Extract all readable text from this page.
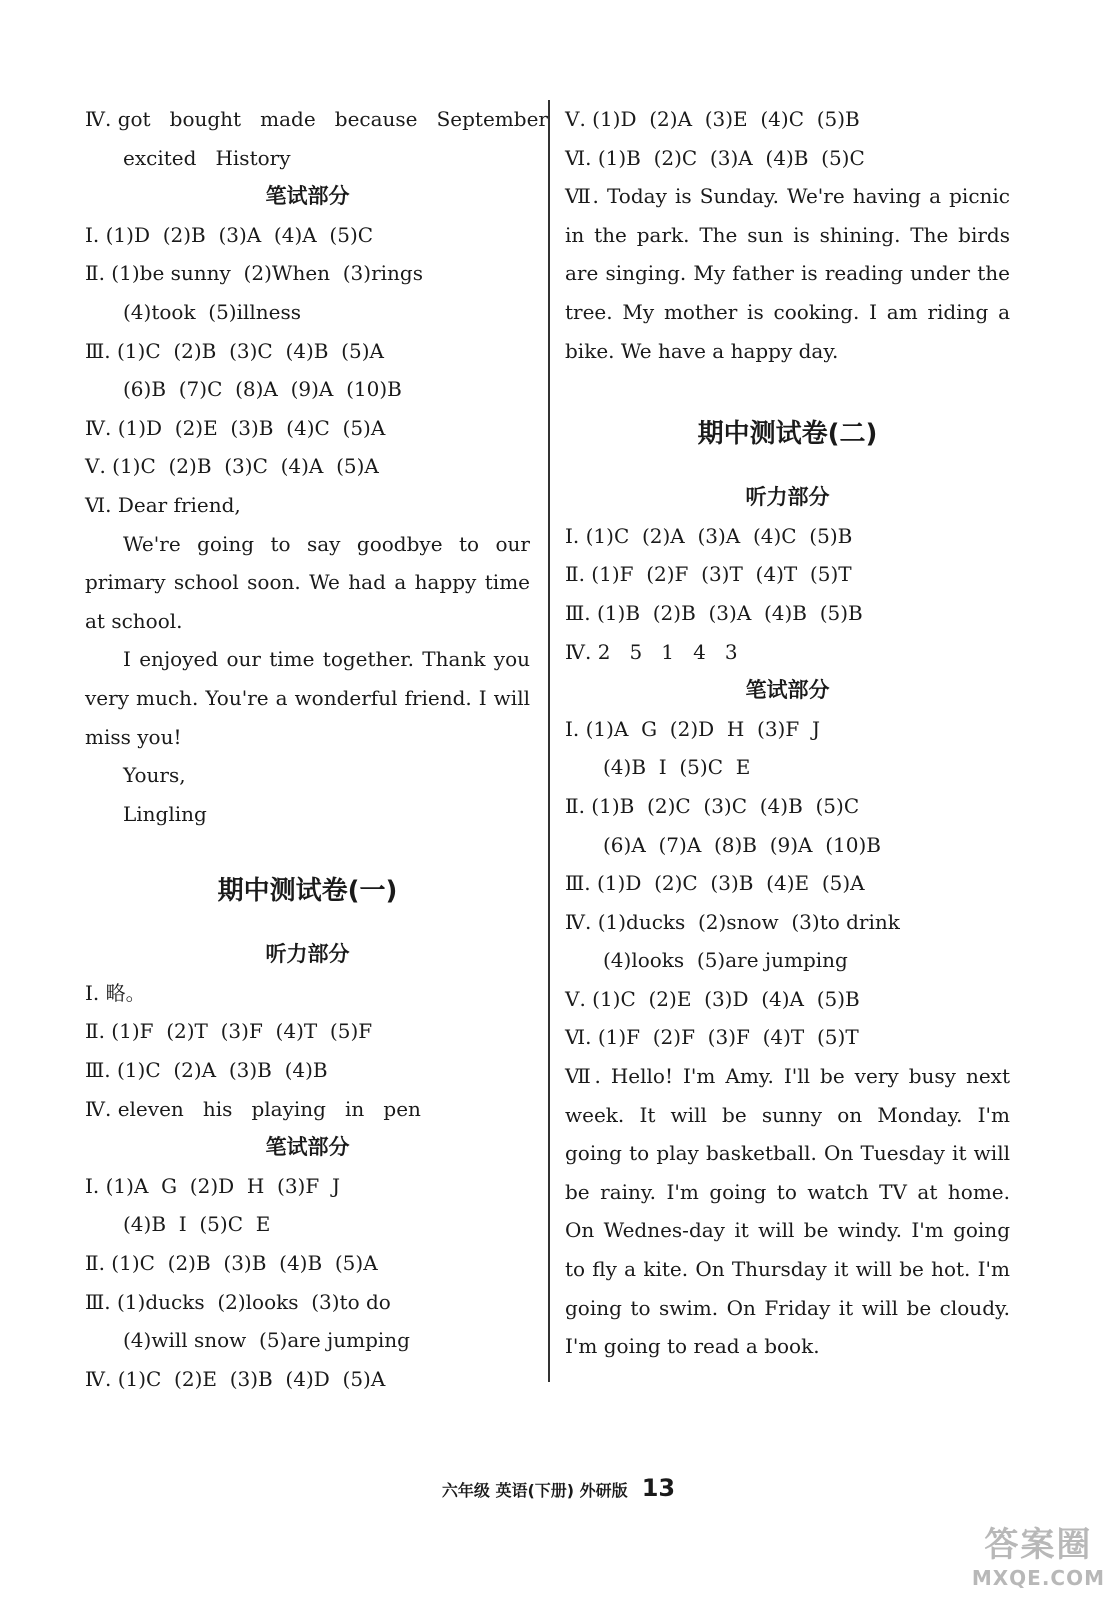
Ⅳ. got   bought   made   because   September
excited   History
笔试部分
Ⅰ. (1)D  (2)B  (3)A  (4)A  (5)C
Ⅱ. (1)be sunny  (2)When  (3)rings
(4)took  (5)illness
Ⅲ. (1)C  (2)B  (3)C  (4)B  (5)A
(6)B  (7)C  (8)A  (9)A  (10)B
Ⅳ. (1)D  (2)E  (3)B  (4)C  (5)A
Ⅴ. (1)C  (2)B  (3)C  (4)A  (5)A
Ⅵ. Dear friend,
We're going to say goodbye to our primary school soon. We had a happy time at school.
I enjoyed our time together. Thank you very much. You're a wonderful friend. I will miss you!
Yours,
Lingling
期中测试卷(一)
听力部分
Ⅰ. 略。
Ⅱ. (1)F  (2)T  (3)F  (4)T  (5)F
Ⅲ. (1)C  (2)A  (3)B  (4)B
Ⅳ. eleven   his   playing   in   pen
笔试部分
Ⅰ. (1)A  G  (2)D  H  (3)F  J
(4)B  I  (5)C  E
Ⅱ. (1)C  (2)B  (3)B  (4)B  (5)A
Ⅲ. (1)ducks  (2)looks  (3)to do
(4)will snow  (5)are jumping
Ⅳ. (1)C  (2)E  (3)B  (4)D  (5)A
Ⅴ. (1)D  (2)A  (3)E  (4)C  (5)B
Ⅵ. (1)B  (2)C  (3)A  (4)B  (5)C
Ⅶ. Today is Sunday. We're having a picnic in the park. The sun is shining. The birds are singing. My father is reading under the tree. My mother is cooking. I am riding a bike. We have a happy day.
期中测试卷(二)
听力部分
Ⅰ. (1)C  (2)A  (3)A  (4)C  (5)B
Ⅱ. (1)F  (2)F  (3)T  (4)T  (5)T
Ⅲ. (1)B  (2)B  (3)A  (4)B  (5)B
Ⅳ. 2   5   1   4   3
笔试部分
Ⅰ. (1)A  G  (2)D  H  (3)F  J
(4)B  I  (5)C  E
Ⅱ. (1)B  (2)C  (3)C  (4)B  (5)C
(6)A  (7)A  (8)B  (9)A  (10)B
Ⅲ. (1)D  (2)C  (3)B  (4)E  (5)A
Ⅳ. (1)ducks  (2)snow  (3)to drink
(4)looks  (5)are jumping
Ⅴ. (1)C  (2)E  (3)D  (4)A  (5)B
Ⅵ. (1)F  (2)F  (3)F  (4)T  (5)T
Ⅶ. Hello! I'm Amy. I'll be very busy next week. It will be sunny on Monday. I'm going to play basketball. On Tuesday it will be rainy. I'm going to watch TV at home. On Wednes-day it will be windy. I'm going to fly a kite. On Thursday it will be hot. I'm going to swim. On Friday it will be cloudy. I'm going to read a book.
六年级 英语(下册) 外研版 13
答案圈
MXQE.COM
